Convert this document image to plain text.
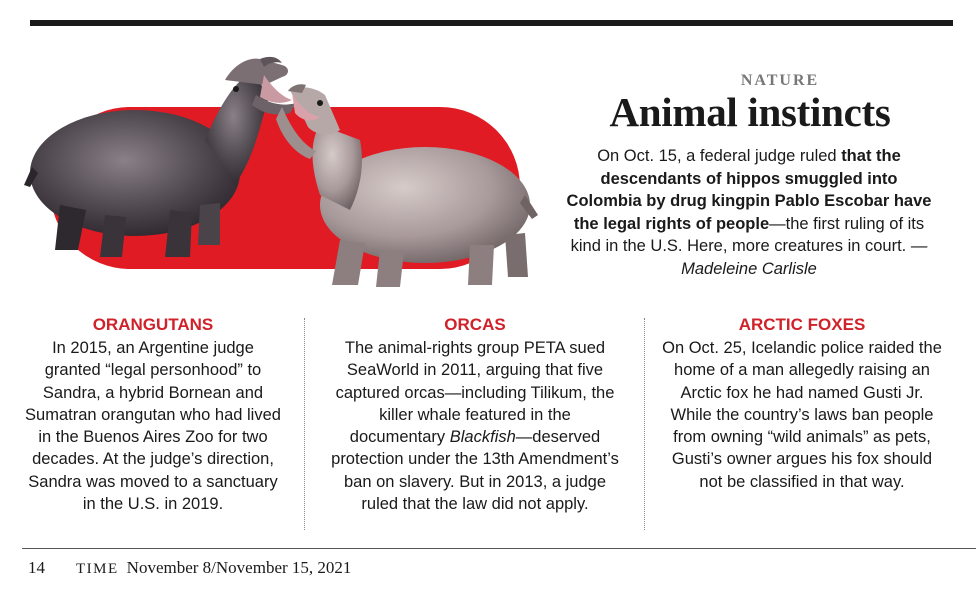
NATURE
Animal instincts
On Oct. 15, a federal judge ruled that the descendants of hippos smuggled into Colombia by drug kingpin Pablo Escobar have the legal rights of people—the first ruling of its kind in the U.S. Here, more creatures in court. —Madeleine Carlisle
ORANGUTANS

In 2015, an Argentine judge granted “legal personhood” to Sandra, a hybrid Bornean and Sumatran orangutan who had lived in the Buenos Aires Zoo for two decades. At the judge’s direction, Sandra was moved to a sanctuary in the U.S. in 2019.

ORCAS

The animal-rights group PETA sued SeaWorld in 2011, arguing that five captured orcas—including Tilikum, the killer whale featured in the documentary Blackfish—deserved protection under the 13th Amendment’s ban on slavery. But in 2013, a judge ruled that the law did not apply.

ARCTIC FOXES

On Oct. 25, Icelandic police raided the home of a man allegedly raising an Arctic fox he had named Gusti Jr. While the country’s laws ban people from owning “wild animals” as pets, Gusti’s owner argues his fox should not be classified in that way.

14 TIME November 8/November 15, 2021
